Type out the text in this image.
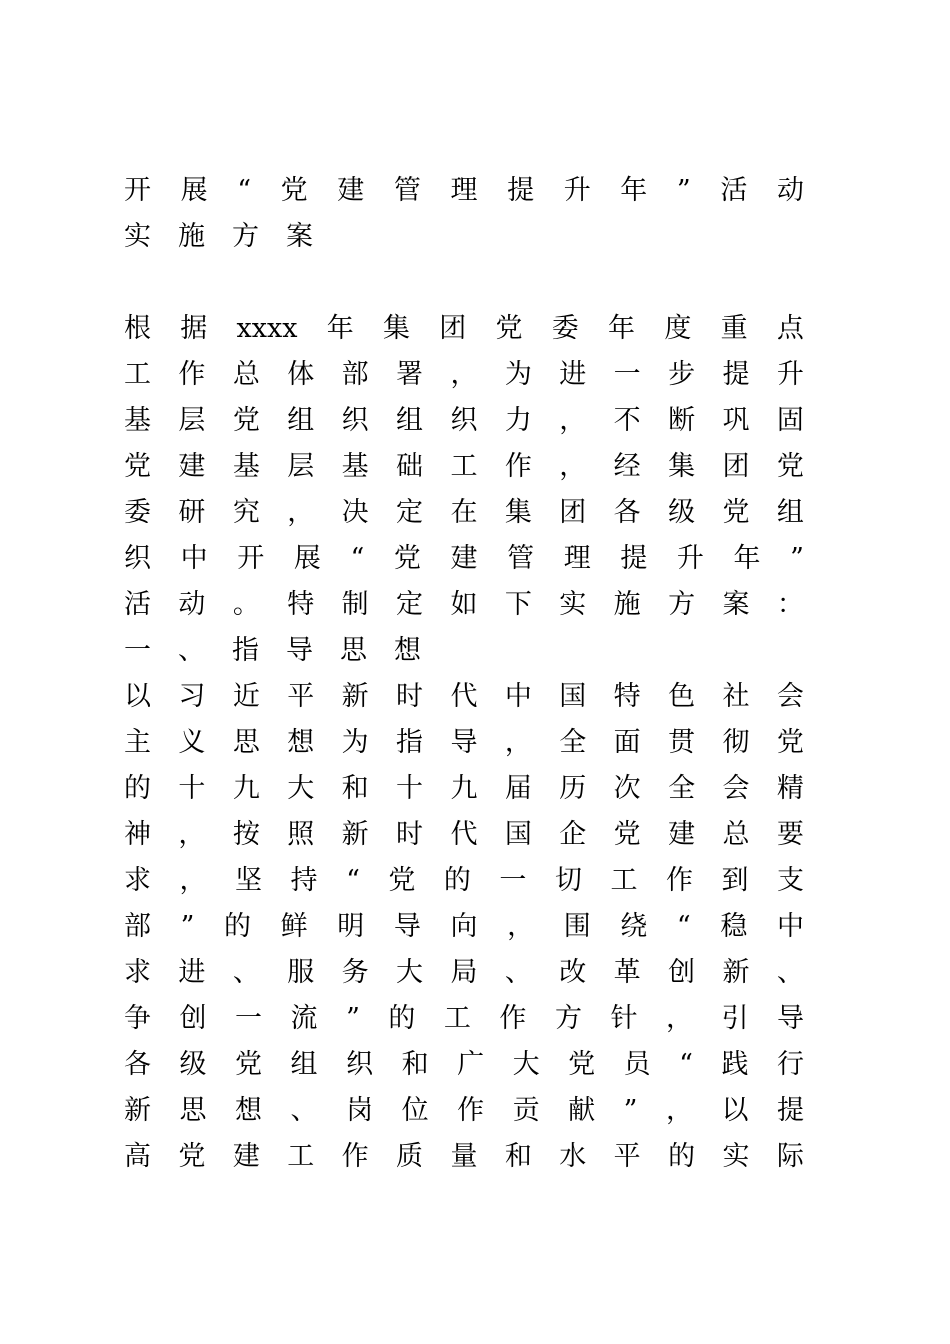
开 展 “ 党 建 管 理 提 升 年 ” 活 动
实 施 方 案
根 据 xxxx 年 集 团 党 委 年 度 重 点
工 作 总 体 部 署 ， 为 进 一 步 提 升
基 层 党 组 织 组 织 力 ， 不 断 巩 固
党 建 基 层 基 础 工 作 ， 经 集 团 党
委 研 究 ， 决 定 在 集 团 各 级 党 组
织 中 开 展 “ 党 建 管 理 提 升 年 ”
活 动 。 特 制 定 如 下 实 施 方 案 ：
一 、 指 导 思 想
以 习 近 平 新 时 代 中 国 特 色 社 会
主 义 思 想 为 指 导 ， 全 面 贯 彻 党
的 十 九 大 和 十 九 届 历 次 全 会 精
神 ， 按 照 新 时 代 国 企 党 建 总 要
求 ， 坚 持 “ 党 的 一 切 工 作 到 支
部 ” 的 鲜 明 导 向 ， 围 绕 “ 稳 中
求 进 、 服 务 大 局 、 改 革 创 新 、
争 创 一 流 ” 的 工 作 方 针 ， 引 导
各 级 党 组 织 和 广 大 党 员 “ 践 行
新 思 想 、 岗 位 作 贡 献 ” ， 以 提
高 党 建 工 作 质 量 和 水 平 的 实 际
